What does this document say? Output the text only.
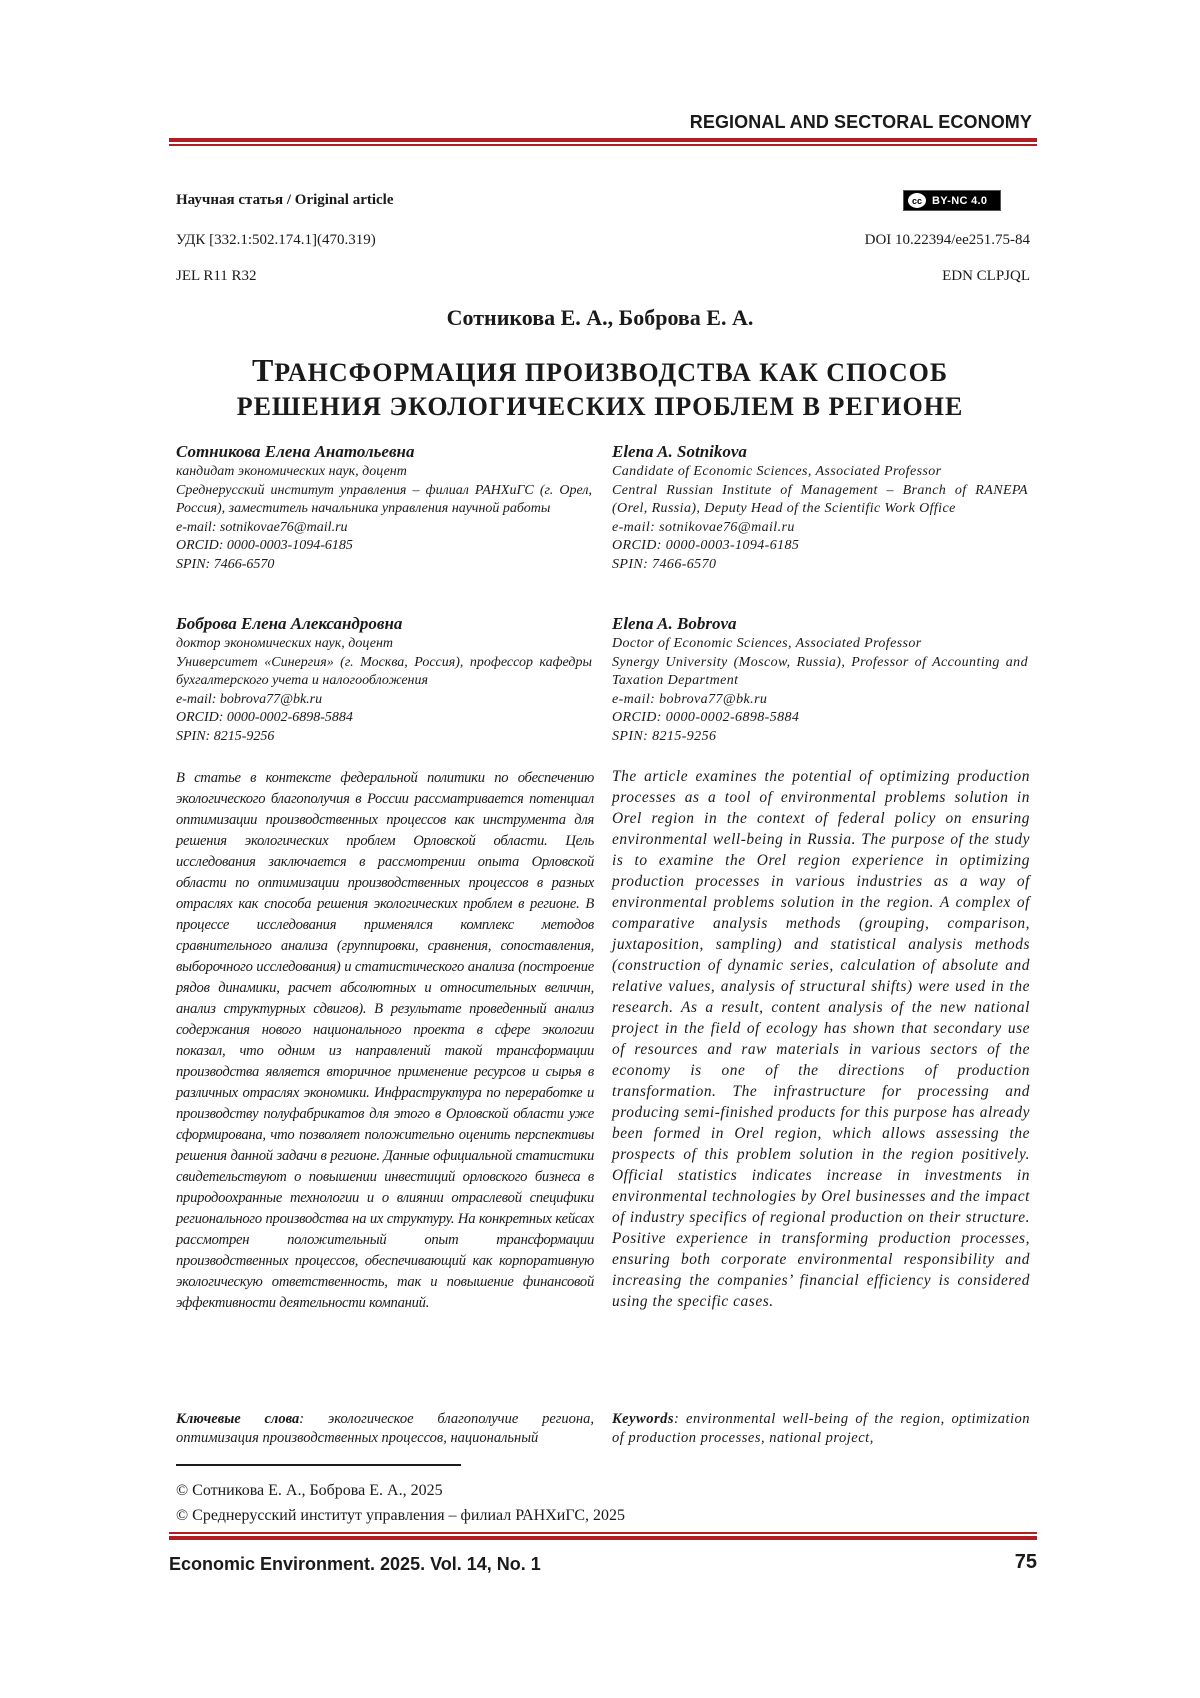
REGIONAL AND SECTORAL ECONOMY
Научная статья / Original article	cc BY-NC 4.0
УДК [332.1:502.174.1](470.319)	DOI 10.22394/ee251.75-84
JEL R11 R32	EDN CLPJQL
Сотникова Е. А., Боброва Е. А.
ТРАНСФОРМАЦИЯ ПРОИЗВОДСТВА КАК СПОСОБ
РЕШЕНИЯ ЭКОЛОГИЧЕСКИХ ПРОБЛЕМ В РЕГИОНЕ
Сотникова Елена Анатольевна
кандидат экономических наук, доцент
Среднерусский институт управления – филиал РАНХиГС (г. Орел, Россия), заместитель начальника управления научной работы
e-mail: sotnikovae76@mail.ru
ORCID: 0000-0003-1094-6185
SPIN: 7466-6570
Боброва Елена Александровна
доктор экономических наук, доцент
Университет «Синергия» (г. Москва, Россия), профессор кафедры бухгалтерского учета и налогообложения
e-mail: bobrova77@bk.ru
ORCID: 0000-0002-6898-5884
SPIN: 8215-9256
Elena A. Sotnikova
Candidate of Economic Sciences, Associated Professor
Central Russian Institute of Management – Branch of RANEPA (Orel, Russia), Deputy Head of the Scientific Work Office
e-mail: sotnikovae76@mail.ru
ORCID: 0000-0003-1094-6185
SPIN: 7466-6570
Elena A. Bobrova
Doctor of Economic Sciences, Associated Professor
Synergy University (Moscow, Russia), Professor of Accounting and Taxation Department
e-mail: bobrova77@bk.ru
ORCID: 0000-0002-6898-5884
SPIN: 8215-9256
В статье в контексте федеральной политики по обеспечению экологического благополучия в России рассматривается потенциал оптимизации производственных процессов как инструмента для решения экологических проблем Орловской области. Цель исследования заключается в рассмотрении опыта Орловской области по оптимизации производственных процессов в разных отраслях как способа решения экологических проблем в регионе. В процессе исследования применялся комплекс методов сравнительного анализа (группировки, сравнения, сопоставления, выборочного исследования) и статистического анализа (построение рядов динамики, расчет абсолютных и относительных величин, анализ структурных сдвигов). В результате проведенный анализ содержания нового национального проекта в сфере экологии показал, что одним из направлений такой трансформации производства является вторичное применение ресурсов и сырья в различных отраслях экономики. Инфраструктура по переработке и производству полуфабрикатов для этого в Орловской области уже сформирована, что позволяет положительно оценить перспективы решения данной задачи в регионе. Данные официальной статистики свидетельствуют о повышении инвестиций орловского бизнеса в природоохранные технологии и о влиянии отраслевой специфики регионального производства на их структуру. На конкретных кейсах рассмотрен положительный опыт трансформации производственных процессов, обеспечивающий как корпоративную экологическую ответственность, так и повышение финансовой эффективности деятельности компаний.
The article examines the potential of optimizing production processes as a tool of environmental problems solution in Orel region in the context of federal policy on ensuring environmental well-being in Russia. The purpose of the study is to examine the Orel region experience in optimizing production processes in various industries as a way of environmental problems solution in the region. A complex of comparative analysis methods (grouping, comparison, juxtaposition, sampling) and statistical analysis methods (construction of dynamic series, calculation of absolute and relative values, analysis of structural shifts) were used in the research. As a result, content analysis of the new national project in the field of ecology has shown that secondary use of resources and raw materials in various sectors of the economy is one of the directions of production transformation. The infrastructure for processing and producing semi-finished products for this purpose has already been formed in Orel region, which allows assessing the prospects of this problem solution in the region positively. Official statistics indicates increase in investments in environmental technologies by Orel businesses and the impact of industry specifics of regional production on their structure. Positive experience in transforming production processes, ensuring both corporate environmental responsibility and increasing the companies’ financial efficiency is considered using the specific cases.
Ключевые слова: экологическое благополучие региона, оптимизация производственных процессов, национальный
Keywords: environmental well-being of the region, optimization of production processes, national project,
© Сотникова Е. А., Боброва Е. А., 2025
© Среднерусский институт управления – филиал РАНХиГС, 2025
Economic Environment. 2025. Vol. 14, No. 1	75
